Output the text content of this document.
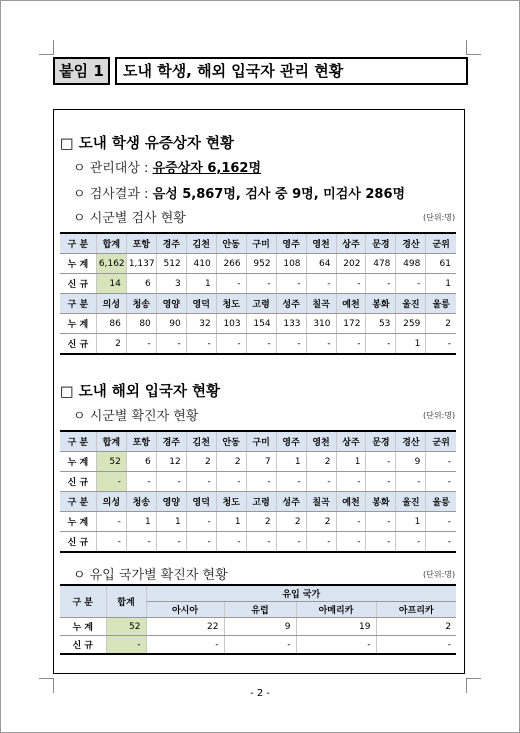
붙임 1	도내 학생, 해외 입국자 관리 현황
□ 도내 학생 유증상자 현황
ㅇ 관리대상 : 유증상자 6,162명
ㅇ 검사결과 : 음성 5,867명, 검사 중 9명, 미검사 286명
ㅇ 시군별 검사 현황	(단위:명)
구 분	합계	포항	경주	김천	안동	구미	영주	영천	상주	문경	경산	군위
누 계	6,162	1,137	512	410	266	952	108	64	202	478	498	61
신 규	14	6	3	1	-	-	-	-	-	-	-	1
구 분	의성	청송	영양	영덕	청도	고령	성주	칠곡	예천	봉화	울진	울릉
누 계	86	80	90	32	103	154	133	310	172	53	259	2
신 규	2	-	-	-	-	-	-	-	-	-	1	-
□ 도내 해외 입국자 현황
ㅇ 시군별 확진자 현황	(단위:명)
구 분	합계	포항	경주	김천	안동	구미	영주	영천	상주	문경	경산	군위
누 계	52	6	12	2	2	7	1	2	1	-	9	-
신 규	-	-	-	-	-	-	-	-	-	-	-	-
구 분	의성	청송	영양	영덕	청도	고령	성주	칠곡	예천	봉화	울진	울릉
누 계	-	1	1	-	1	2	2	2	-	-	1	-
신 규	-	-	-	-	-	-	-	-	-	-	-	-
ㅇ 유입 국가별 확진자 현황	(단위:명)
구 분	합계	유입 국가			
		아시아	유럽	아메리카	아프리카
누 계	52	22	9	19	2
신 규	-	-	-	-	-
- 2 -
